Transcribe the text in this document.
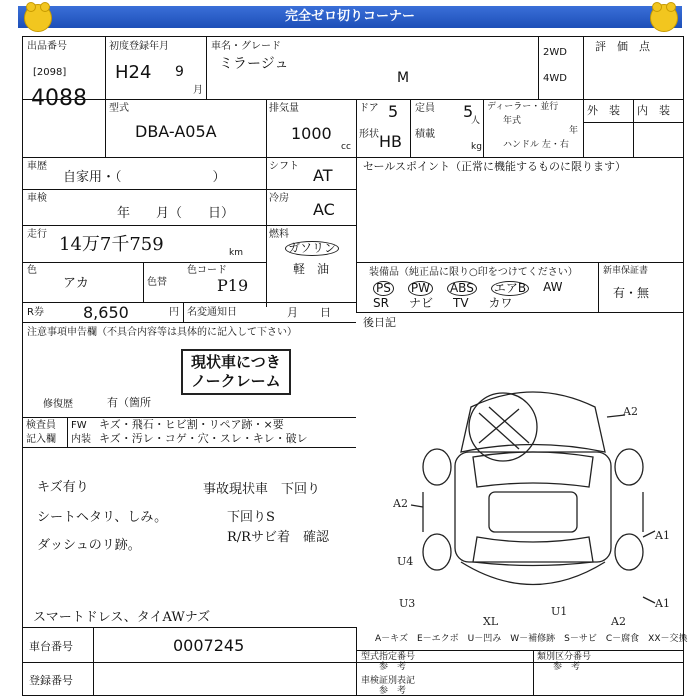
完全ゼロ切りコーナー
出品番号
[2098]
4088
初度登録年月
H24 9
月
車名・グレード
ミラージュ
M
2WD
4WD
評　価　点
型式
DBA-A05A
排気量
1000
cc
ドア 5
形状 HB
定員 5
人
積載
kg
ディーラー・並行
年式
年
ハンドル 左・右
外　装 内　装
車歴
自家用・（　　　　　　　）
シフト AT
車検
年　　月（　　日）
冷房
AC
走行 14万7千759	km
燃料
ガソリン
軽　油
色
アカ	色替
色コード
P19
R券 8,650	円 名変通知日	月　　日
注意事項申告欄（不具合内容等は具体的に記入して下さい）
現状車につき
ノークレーム
修復歴	有（箇所
検査員
記入欄
FW キズ・飛石・ヒビ割・リペア跡・×要
内装 キズ・汚レ・コゲ・穴・スレ・キレ・破レ
キズ有り
シートヘタリ、しみ。
ダッシュのリ跡。
事故現状車　下回り
下回りS
R/Rサビ着　確認
スマートドレス、タイAWナズ
セールスポイント（正常に機能するものに限ります）
装備品（純正品に限り○印をつけてください）
PS PW ABS エアB AW
SR ナビ TV カワ
新車保証書
有・無
後日記
A2
A2
U4
A1
U3	A1
U1
XL	A2
A－キズ　E－エクボ　U－凹み　W－補修跡　S－サビ　C－腐食　XX－交換
車台番号	0007245
登録番号
型式指定番号
参　考
類別区分番号
参　考
車検証別表記
参　考
